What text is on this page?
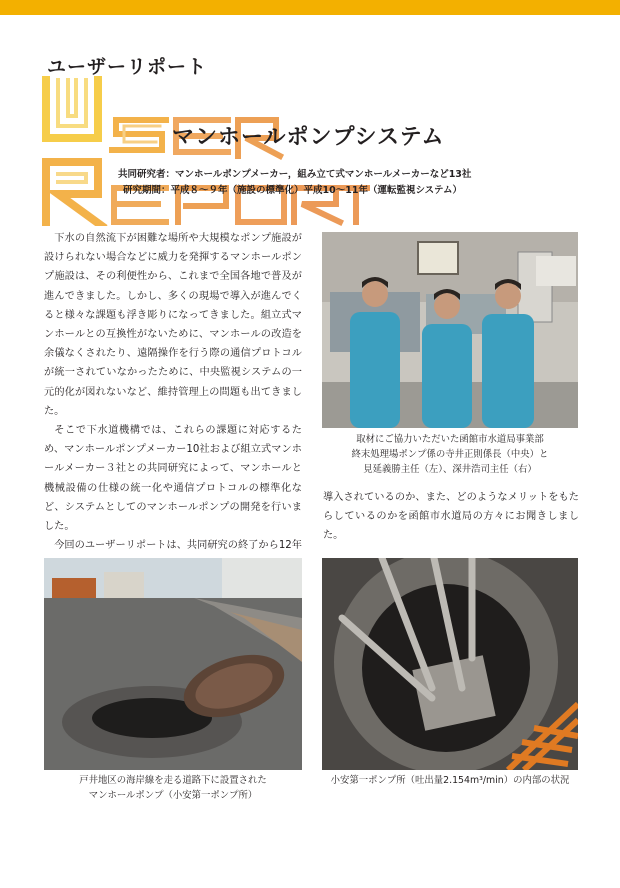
ユーザーリポート
マンホールポンプシステム
共同研究者：マンホールポンプメーカー，組み立て式マンホールメーカーなど13社
研究期間：平成８～９年（施設の標準化）平成10～11年（運転監視システム）

下水の自然流下が困難な場所や大規模なポンプ施設が設けられない場合などに威力を発揮するマンホールポンプ施設は、その利便性から、これまで全国各地で普及が進んできました。しかし、多くの現場で導入が進んでくると様々な課題も浮き彫りになってきました。組立式マンホールとの互換性がないために、マンホールの改造を余儀なくされたり、遠隔操作を行う際の通信プロトコルが統一されていなかったために、中央監視システムの一元的化が図れないなど、維持管理上の問題も出てきました。

そこで下水道機構では、これらの課題に対応するため、マンホールポンプメーカー10社および組立式マンホールメーカー３社との共同研究によって、マンホールと機械設備の仕様の統一化や通信プロトコルの標準化など、システムとしてのマンホールポンプの開発を行いました。

今回のユーザーリポートは、共同研究の終了から12年

取材にご協力いただいた函館市水道局事業部
終末処理場ポンプ係の寺井正則係長（中央）と
見延義勝主任（左）、深井浩司主任（右）

導入されているのか、また、どのようなメリットをもたらしているのかを函館市水道局の方々にお聞きしました。

戸井地区の海岸線を走る道路下に設置された
マンホールポンプ（小安第一ポンプ所）
小安第一ポンプ所（吐出量2.154m³/min）の内部の状況
